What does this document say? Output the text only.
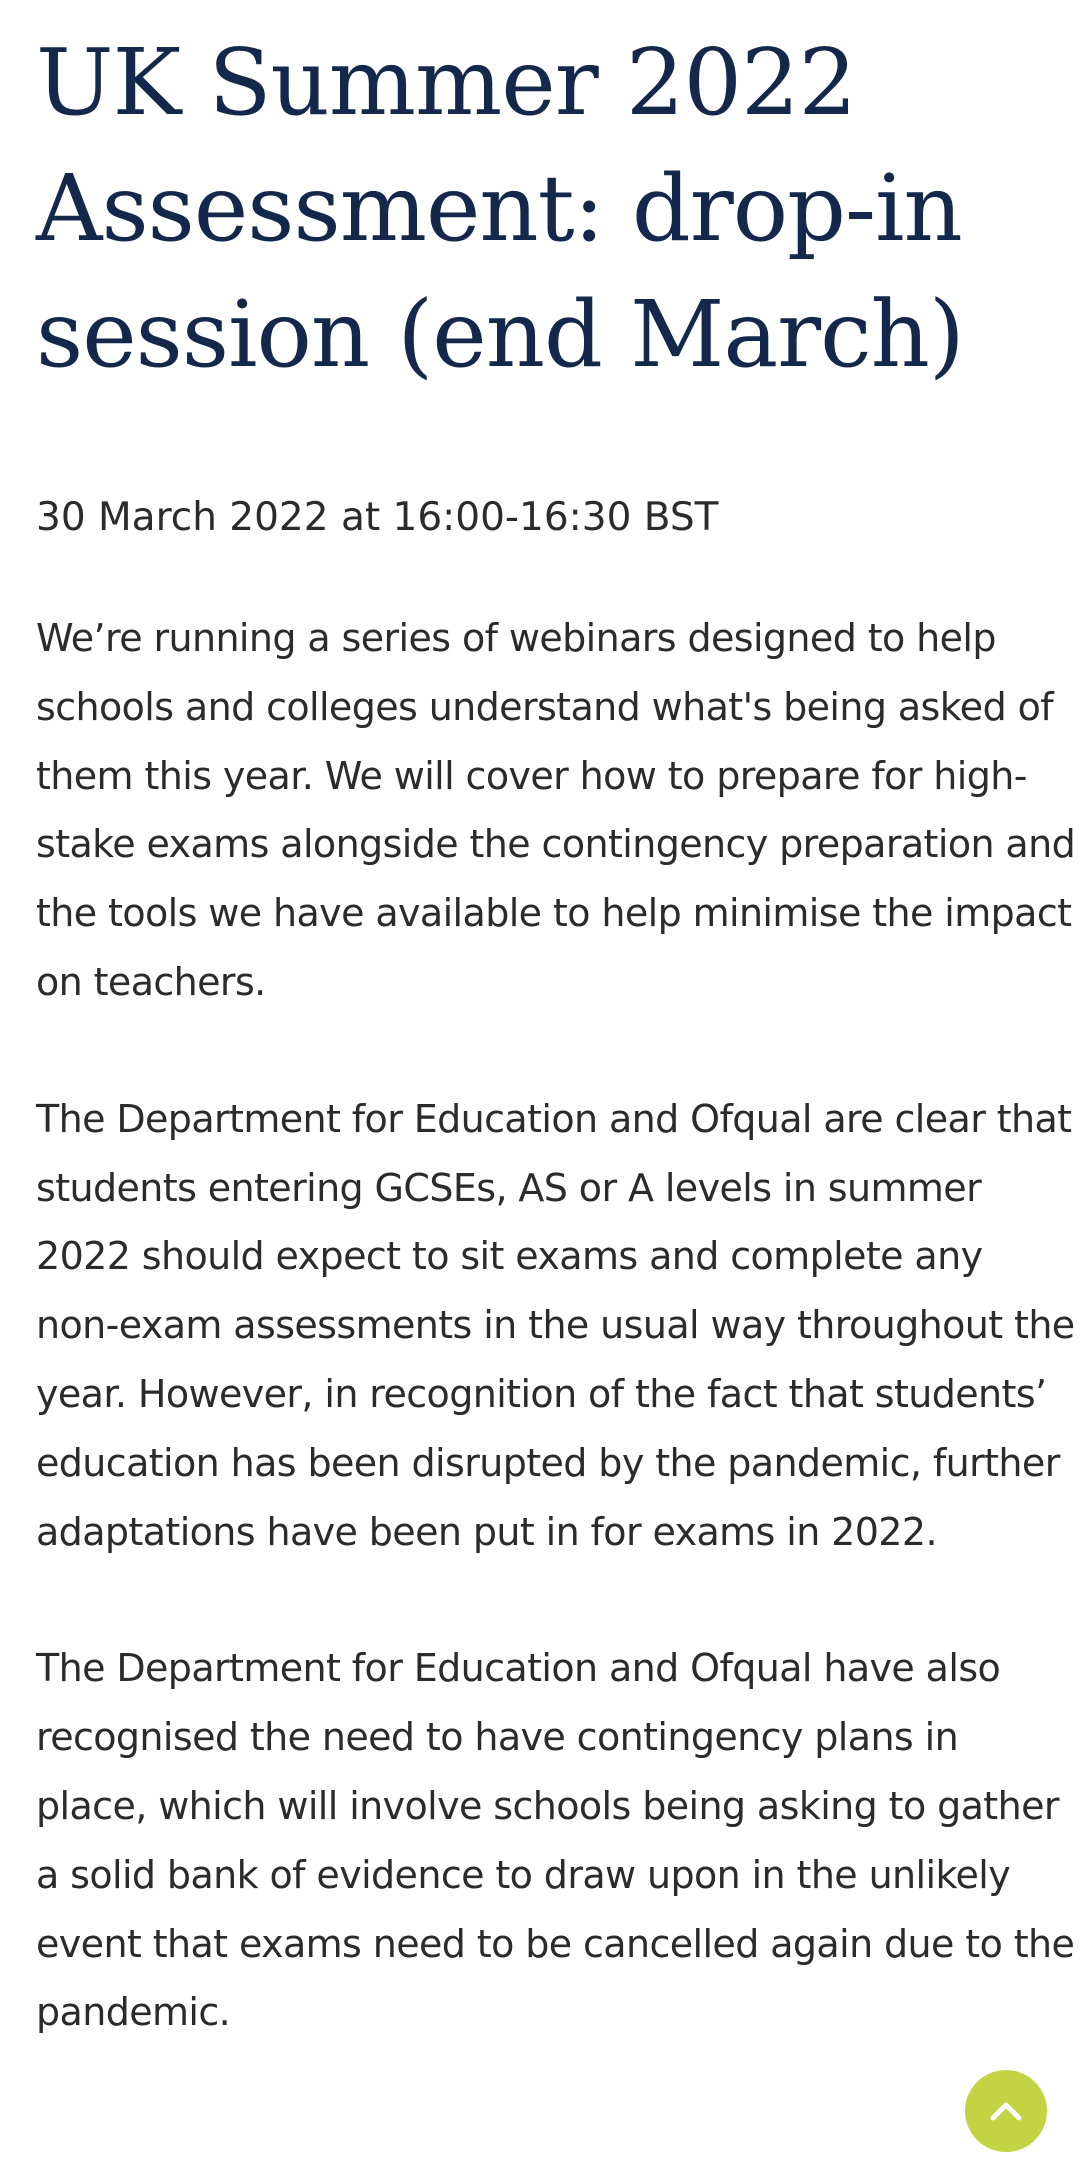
UK Summer 2022 Assessment: drop-in session (end March)

30 March 2022 at 16:00-16:30 BST

We’re running a series of webinars designed to help schools and colleges understand what's being asked of them this year. We will cover how to prepare for high-stake exams alongside the contingency preparation and the tools we have available to help minimise the impact on teachers.

The Department for Education and Ofqual are clear that students entering GCSEs, AS or A levels in summer 2022 should expect to sit exams and complete any non-exam assessments in the usual way throughout the year. However, in recognition of the fact that students’ education has been disrupted by the pandemic, further adaptations have been put in for exams in 2022.

The Department for Education and Ofqual have also recognised the need to have contingency plans in place, which will involve schools being asking to gather a solid bank of evidence to draw upon in the unlikely event that exams need to be cancelled again due to the pandemic.
